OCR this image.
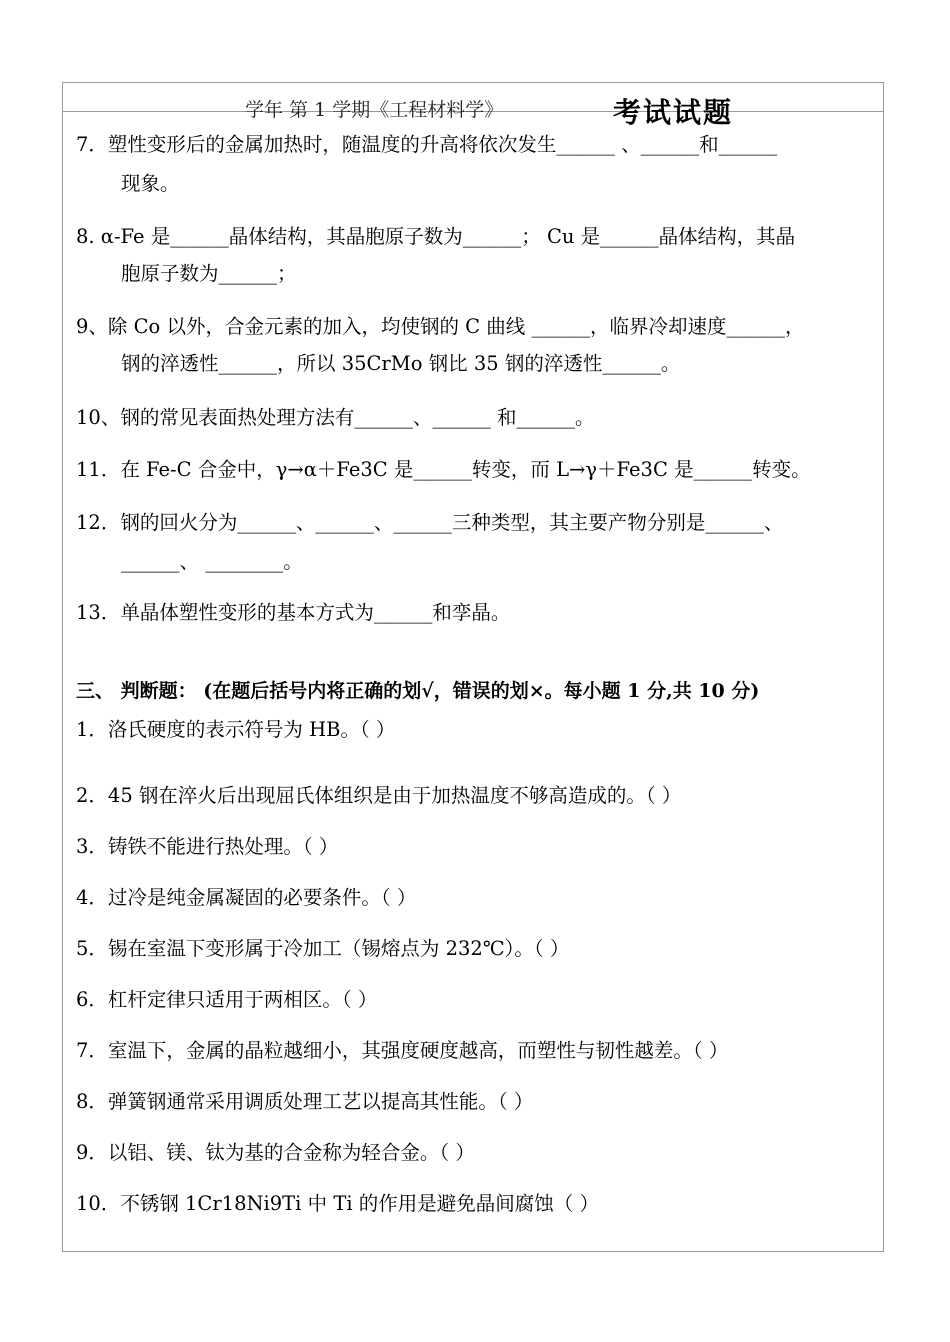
学年 第 1 学期《工程材料学》	考试试题
7．塑性变形后的金属加热时，随温度的升高将依次发生______ 、______和______
现象。
8. α-Fe 是______晶体结构，其晶胞原子数为______； Cu 是______晶体结构，其晶
胞原子数为______；
9、除 Co 以外，合金元素的加入，均使钢的 C 曲线 ______，临界冷却速度______，
钢的淬透性______，所以 35CrMo 钢比 35 钢的淬透性______。
10、钢的常见表面热处理方法有______、______ 和______。
11．在 Fe-C 合金中，γ→α＋Fe3C 是______转变，而 L→γ＋Fe3C 是______转变。
12．钢的回火分为______、______、______三种类型，其主要产物分别是______、
______、 ________。
13．单晶体塑性变形的基本方式为______和孪晶。
三、 判断题： (在题后括号内将正确的划√，错误的划×。每小题 1 分,共 10 分)
1．洛氏硬度的表示符号为 HB。（ ）
2．45 钢在淬火后出现屈氏体组织是由于加热温度不够高造成的。（ ）
3．铸铁不能进行热处理。（ ）
4．过冷是纯金属凝固的必要条件。（ ）
5．锡在室温下变形属于冷加工（锡熔点为 232℃）。（ ）
6．杠杆定律只适用于两相区。（ ）
7．室温下，金属的晶粒越细小，其强度硬度越高，而塑性与韧性越差。（ ）
8．弹簧钢通常采用调质处理工艺以提高其性能。（ ）
9．以铝、镁、钛为基的合金称为轻合金。（ ）
10．不锈钢 1Cr18Ni9Ti 中 Ti 的作用是避免晶间腐蚀（ ）
